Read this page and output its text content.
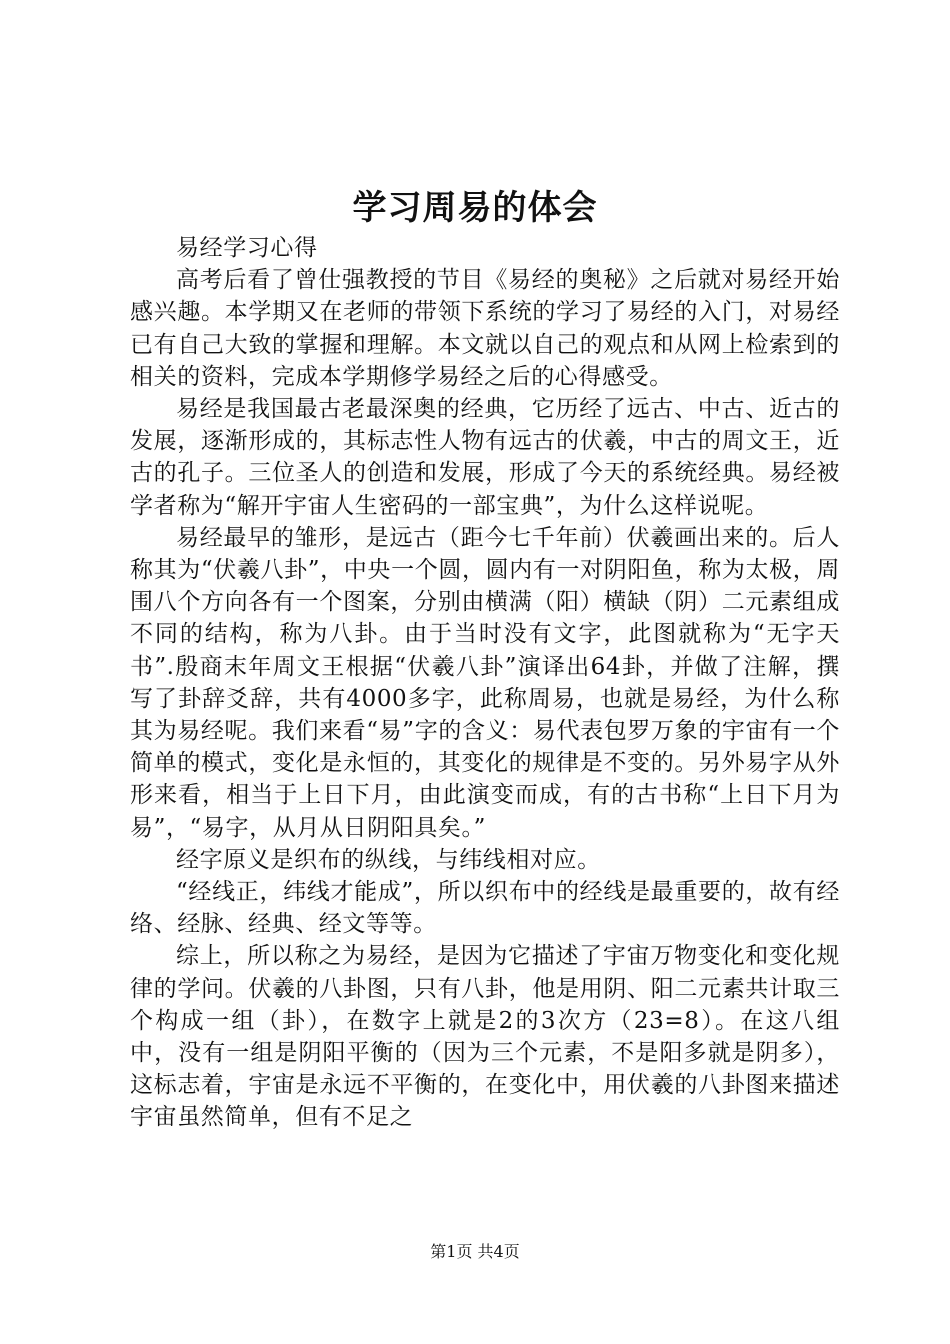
学习周易的体会

易经学习心得

高考后看了曾仕强教授的节目《易经的奥秘》之后就对易经开始感兴趣。本学期又在老师的带领下系统的学习了易经的入门，对易经已有自己大致的掌握和理解。本文就以自己的观点和从网上检索到的相关的资料，完成本学期修学易经之后的心得感受。

易经是我国最古老最深奥的经典，它历经了远古、中古、近古的发展，逐渐形成的，其标志性人物有远古的伏羲，中古的周文王，近古的孔子。三位圣人的创造和发展，形成了今天的系统经典。易经被学者称为“解开宇宙人生密码的一部宝典”，为什么这样说呢。

易经最早的雏形，是远古（距今七千年前）伏羲画出来的。后人称其为“伏羲八卦”，中央一个圆，圆内有一对阴阳鱼，称为太极，周围八个方向各有一个图案，分别由横满（阳）横缺（阴）二元素组成不同的结构，称为八卦。由于当时没有文字，此图就称为“无字天书”.殷商末年周文王根据“伏羲八卦”演译出64卦，并做了注解，撰写了卦辞爻辞，共有4000多字，此称周易，也就是易经，为什么称其为易经呢。我们来看“易”字的含义：易代表包罗万象的宇宙有一个简单的模式，变化是永恒的，其变化的规律是不变的。另外易字从外形来看，相当于上日下月，由此演变而成，有的古书称“上日下月为易”，“易字，从月从日阴阳具矣。”

经字原义是织布的纵线，与纬线相对应。

“经线正，纬线才能成”，所以织布中的经线是最重要的，故有经络、经脉、经典、经文等等。

综上，所以称之为易经，是因为它描述了宇宙万物变化和变化规律的学问。伏羲的八卦图，只有八卦，他是用阴、阳二元素共计取三个构成一组（卦），在数字上就是2的3次方（23=8）。在这八组中，没有一组是阴阳平衡的（因为三个元素，不是阳多就是阴多），这标志着，宇宙是永远不平衡的，在变化中，用伏羲的八卦图来描述宇宙虽然简单，但有不足之

第1页 共4页
